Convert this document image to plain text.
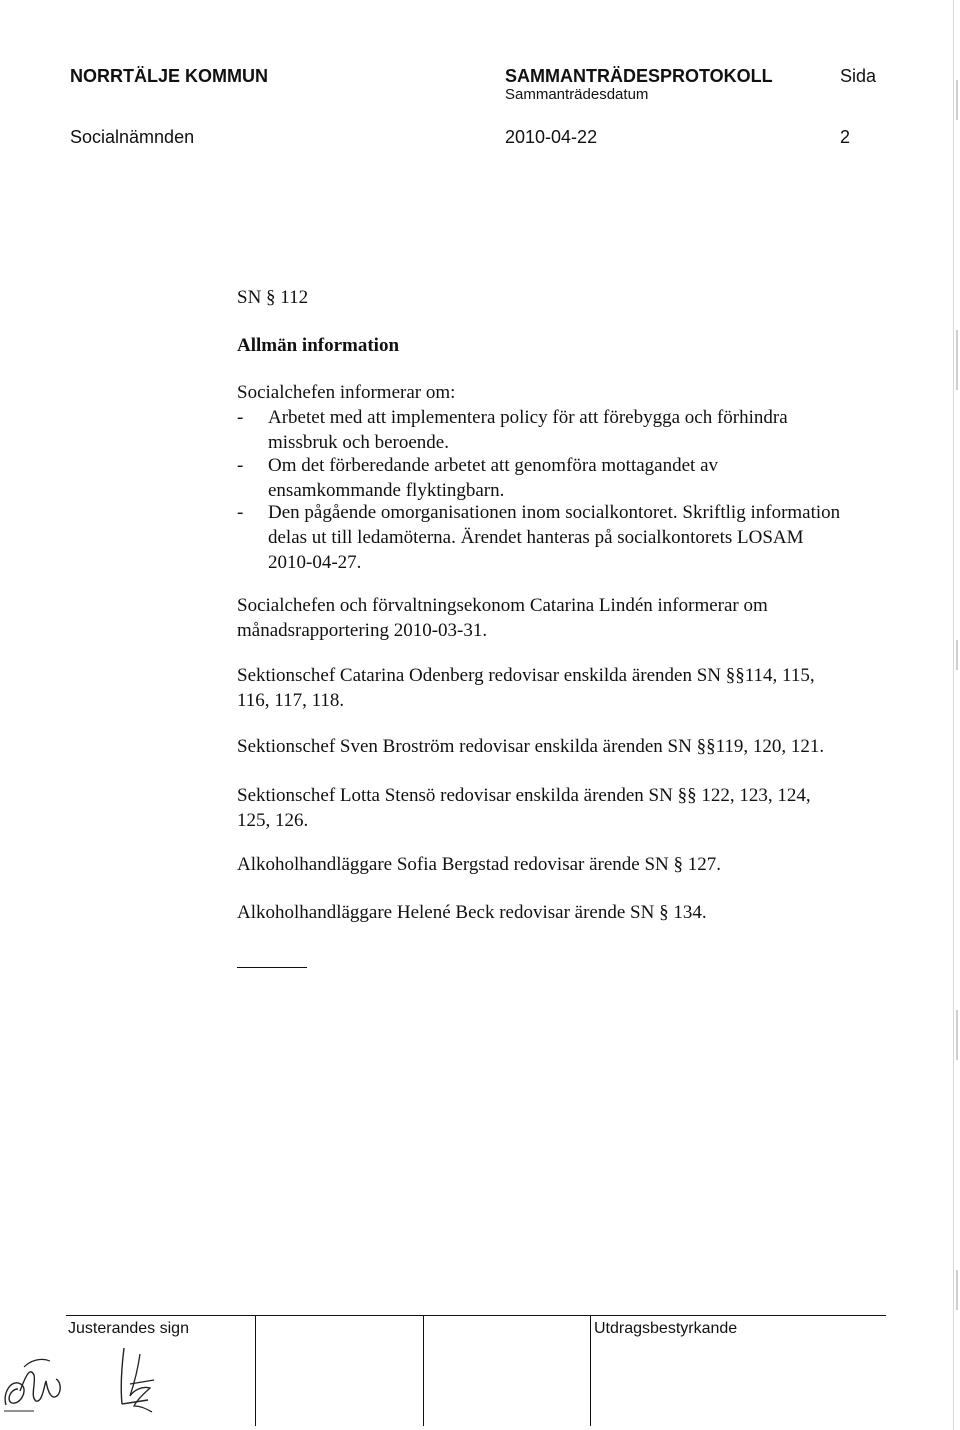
NORRTÄLJE KOMMUN	SAMMANTRÄDESPROTOKOLL	Sida
Sammanträdesdatum
Socialnämnden	2010-04-22	2
SN § 112
Allmän information
Socialchefen informerar om:
-	Arbetet med att implementera policy för att förebygga och förhindra
missbruk och beroende.
-	Om det förberedande arbetet att genomföra mottagandet av
ensamkommande flyktingbarn.
-	Den pågående omorganisationen inom socialkontoret. Skriftlig information
delas ut till ledamöterna. Ärendet hanteras på socialkontorets LOSAM
2010-04-27.
Socialchefen och förvaltningsekonom Catarina Lindén informerar om
månadsrapportering 2010-03-31.
Sektionschef Catarina Odenberg redovisar enskilda ärenden SN §§114, 115,
116, 117, 118.
Sektionschef Sven Broström redovisar enskilda ärenden SN §§119, 120, 121.
Sektionschef Lotta Stensö redovisar enskilda ärenden SN §§ 122, 123, 124,
125, 126.
Alkoholhandläggare Sofia Bergstad redovisar ärende SN § 127.
Alkoholhandläggare Helené Beck redovisar ärende SN § 134.
Justerandes sign	Utdragsbestyrkande
